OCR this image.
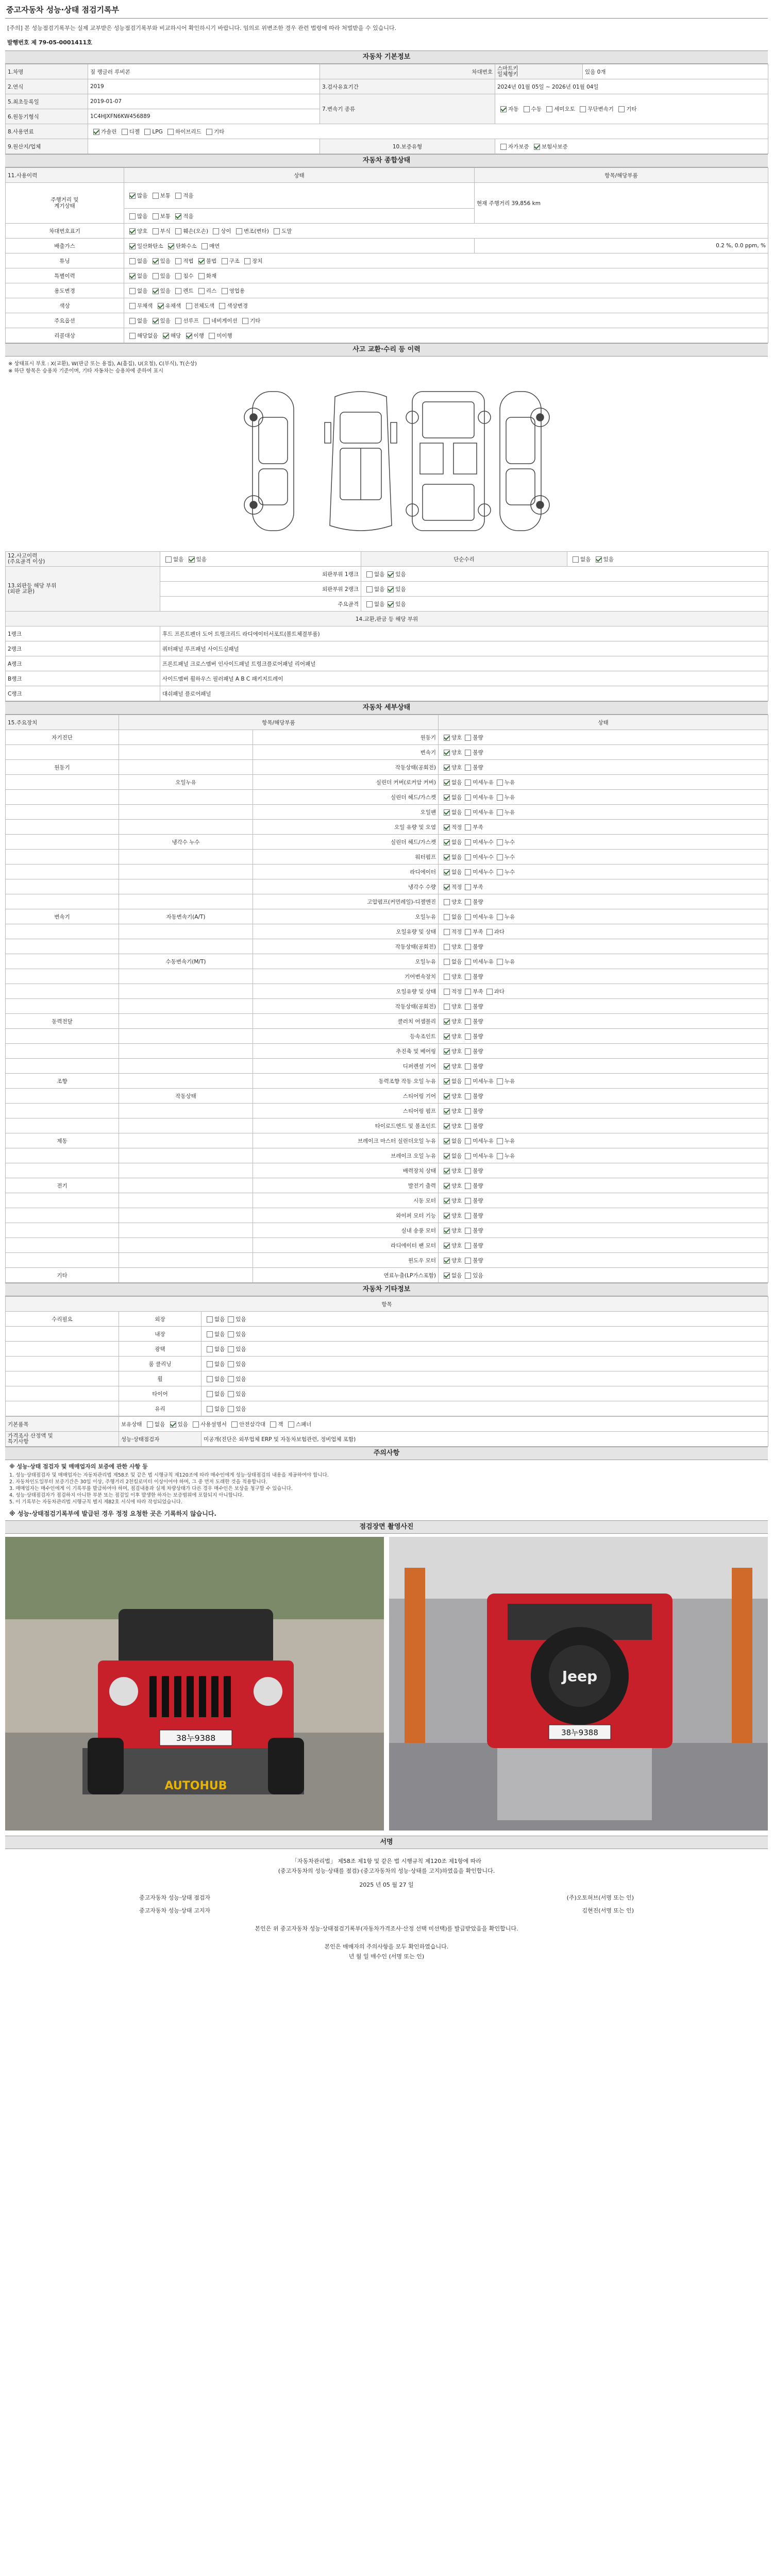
중고자동차 성능·상태 점검기록부
[주의] 본 성능점검기록부는 실제 교부받은 성능점검기록부와 비교하시어 확인하시기 바랍니다. 임의로 위변조한 경우 관련 법령에 따라 처벌받을 수 있습니다.
발행번호 제 79-05-0001411호
자동차 기본정보
1.차명	짚 랭글러 루비콘	차대번호	스마트키
일체형키	있음 0개
2.연식	2019	3.검사유효기간	2024년 01월 05일 ~ 2026년 01월 04일	
5.최초등록일	2019-01-07	7.변속기 종류	자동 수동 세미오토 무단변속기 기타	
6.원동기형식	1C4HJXFN6KW456889			
8.사용연료	가솔린 디젤 LPG 하이브리드 기타			
9.원산지/업체		10.보증유형	자가보증 보험사보증	
자동차 종합상태
11.사용이력	상태	항목/해당부품
주행거리 및
계기상태	많음 보통 적음	현재 주행거리 39,856 km
	많음 보통 적음	
차대번호표기	양호 부식 훼손(오손) 상이 변조(변타) 도말	
배출가스	일산화탄소 탄화수소 매연	0.2 %, 0.0 ppm, %
튜닝	없음 있음 적법 불법 구조 장치	
특별이력	없음 있음 침수 화재	
용도변경	없음 있음 렌트 리스 영업용	
색상	무채색 유채색 전체도색 색상변경	
주요옵션	없음 있음 선루프 네비게이션 기타	
리콜대상	해당없음 해당 이행 미이행	
사고 교환·수리 등 이력
※ 상태표시 부호 : X(교환), W(판금 또는 용접), A(흠집), U(요철), C(부식), T(손상)
※ 하단 항목은 승용차 기준이며, 기타 자동차는 승용차에 준하여 표시
12.사고이력
(주요골격 이상)	없음 있음	단순수리	없음 있음
13.외판등 해당 부위
(외판 교환)	외판부위 1랭크	없음 있음	
	외판부위 2랭크	없음 있음	
	주요골격	없음 있음	
14.교환,판금 등 해당 부위			
1랭크	후드 프론트펜더 도어 트렁크리드 라디에이터서포트(볼트체결부품)		
2랭크	쿼터패널 루프패널 사이드실패널		
A랭크	프론트패널 크로스멤버 인사이드패널 트렁크플로어패널 리어패널		
B랭크	사이드멤버 휠하우스 필러패널 A B C 패키지트레이		
C랭크	대쉬패널 플로어패널		
자동차 세부상태
15.주요장치	항목/해당부품		상태
자기진단		원동기	양호 불량
		변속기	양호 불량
원동기		작동상태(공회전)	양호 불량
	오일누유	실린더 커버(로커암 커버)	없음 미세누유 누유
		실린더 헤드/가스켓	없음 미세누유 누유
		오일팬	없음 미세누유 누유
		오일 유량 및 오염	적정 부족
	냉각수 누수	실린더 헤드/가스켓	없음 미세누수 누수
		워터펌프	없음 미세누수 누수
		라디에이터	없음 미세누수 누수
		냉각수 수량	적정 부족
		고압펌프(커먼레일)-디젤엔진	양호 불량
변속기	자동변속기(A/T)	오일누유	없음 미세누유 누유
		오일유량 및 상태	적정 부족 과다
		작동상태(공회전)	양호 불량
	수동변속기(M/T)	오일누유	없음 미세누유 누유
		기어변속장치	양호 불량
		오일유량 및 상태	적정 부족 과다
		작동상태(공회전)	양호 불량
동력전달		클러치 어셈블리	양호 불량
		등속조인트	양호 불량
		추진축 및 베어링	양호 불량
		디퍼렌셜 기어	양호 불량
조향		동력조향 작동 오일 누유	없음 미세누유 누유
	작동상태	스티어링 기어	양호 불량
		스티어링 펌프	양호 불량
		타이로드엔드 및 볼조인트	양호 불량
제동		브레이크 마스터 실린더오일 누유	없음 미세누유 누유
		브레이크 오일 누유	없음 미세누유 누유
		배력장치 상태	양호 불량
전기		발전기 출력	양호 불량
		시동 모터	양호 불량
		와이퍼 모터 기능	양호 불량
		실내 송풍 모터	양호 불량
		라디에이터 팬 모터	양호 불량
		윈도우 모터	양호 불량
기타		연료누출(LP가스포함)	없음 있음
자동차 기타정보
항목		
수리필요	외장	없음 있음
	내장	없음 있음
	광택	없음 있음
	룸 클리닝	없음 있음
	휠	없음 있음
	타이어	없음 있음
	유리	없음 있음
기본품목	보유상태 없음 있음 사용설명서 안전삼각대 잭 스패너	
가격조사 산정액 및
특기사항	성능·상태점검자	미공개(진단은 외부업체 ERP 및 자동차보험관련, 정비업체 포함)
주의사항
※ 성능·상태 점검자 및 매매업자의 보증에 관한 사항 등
1. 성능·상태점검자 및 매매업자는 자동차관리법 제58조 및 같은 법 시행규칙 제120조에 따라 매수인에게 성능·상태점검의 내용을 제공하여야 합니다.
2. 자동차인도일부터 보증기간은 30일 이상, 주행거리 2천킬로미터 이상이어야 하며, 그 중 먼저 도래한 것을 적용합니다.
3. 매매업자는 매수인에게 이 기록부를 발급하여야 하며, 점검내용과 실제 차량상태가 다른 경우 매수인은 보상을 청구할 수 있습니다.
4. 성능·상태점검자가 점검하지 아니한 부분 또는 점검일 이후 발생한 하자는 보증범위에 포함되지 아니합니다.
5. 이 기록부는 자동차관리법 시행규칙 별지 제82호 서식에 따라 작성되었습니다.
※ 성능·상태점검기록부에 발급된 경우 정정 요청한 곳은 기록하지 않습니다.
점검장면 촬영사진
38누9388
AUTOHUB
Jeep
38누9388
서명
「자동차관리법」 제58조 제1항 및 같은 법 시행규칙 제120조 제1항에 따라
(중고자동차의 성능·상태를 점검)·(중고자동차의 성능·상태를 고지)하였음을 확인합니다.
2025 년 05 월 27 일
중고자동차 성능·상태 점검자	(주)오토허브(서명 또는 인)
중고자동차 성능·상태 고지자	김현진(서명 또는 인)
본인은 위 중고자동차 성능·상태점검기록부(자동차가격조사·산정 선택 미선택)를 발급받았음을 확인합니다.
본인은 매매자의 주의사항을 모두 확인하였습니다.
년 월 일 매수인 (서명 또는 인)
